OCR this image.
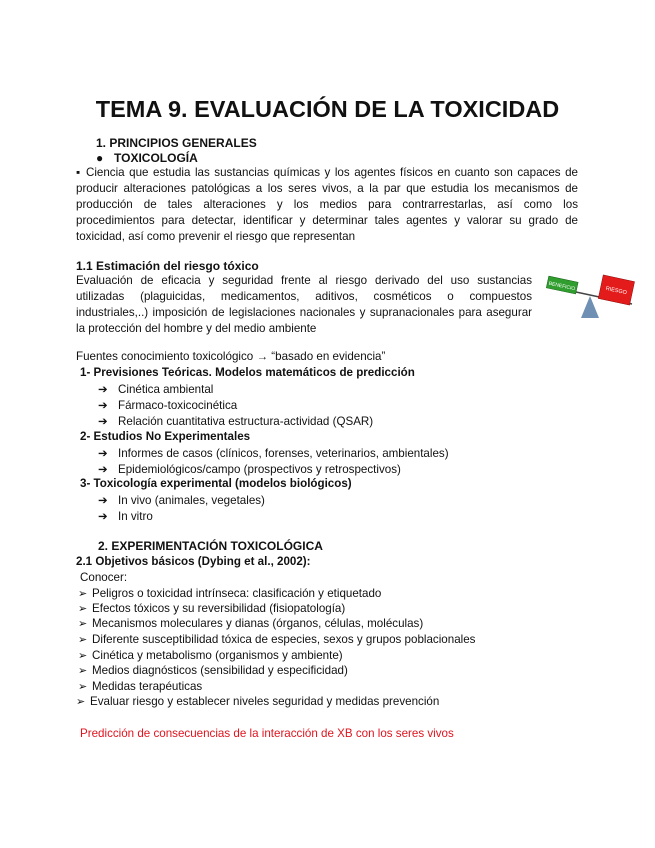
TEMA 9. EVALUACIÓN DE LA TOXICIDAD
1. PRINCIPIOS GENERALES
● TOXICOLOGÍA
▪ Ciencia que estudia las sustancias químicas y los agentes físicos en cuanto son capaces de
producir alteraciones patológicas a los seres vivos, a la par que estudia los mecanismos de
producción de tales alteraciones y los medios para contrarrestarlas, así como los
procedimientos para detectar, identificar y determinar tales agentes y valorar su grado de
toxicidad, así como prevenir el riesgo que representan
1.1 Estimación del riesgo tóxico
Evaluación de eficacia y seguridad frente al riesgo derivado del uso sustancias
utilizadas (plaguicidas, medicamentos, aditivos, cosméticos o compuestos
industriales,..) imposición de legislaciones nacionales y supranacionales para asegurar
la protección del hombre y del medio ambiente
BENEFICIO	RIESGO
Fuentes conocimiento toxicológico → “basado en evidencia”
1- Previsiones Teóricas. Modelos matemáticos de predicción
➔ Cinética ambiental
➔ Fármaco-toxicocinética
➔ Relación cuantitativa estructura-actividad (QSAR)
2- Estudios No Experimentales
➔ Informes de casos (clínicos, forenses, veterinarios, ambientales)
➔ Epidemiológicos/campo (prospectivos y retrospectivos)
3- Toxicología experimental (modelos biológicos)
➔ In vivo (animales, vegetales)
➔ In vitro
2. EXPERIMENTACIÓN TOXICOLÓGICA
2.1 Objetivos básicos (Dybing et al., 2002):
Conocer:
➢ Peligros o toxicidad intrínseca: clasificación y etiquetado
➢ Efectos tóxicos y su reversibilidad (fisiopatología)
➢ Mecanismos moleculares y dianas (órganos, células, moléculas)
➢ Diferente susceptibilidad tóxica de especies, sexos y grupos poblacionales
➢ Cinética y metabolismo (organismos y ambiente)
➢ Medios diagnósticos (sensibilidad y especificidad)
➢ Medidas terapéuticas
➢ Evaluar riesgo y establecer niveles seguridad y medidas prevención
Predicción de consecuencias de la interacción de XB con los seres vivos
